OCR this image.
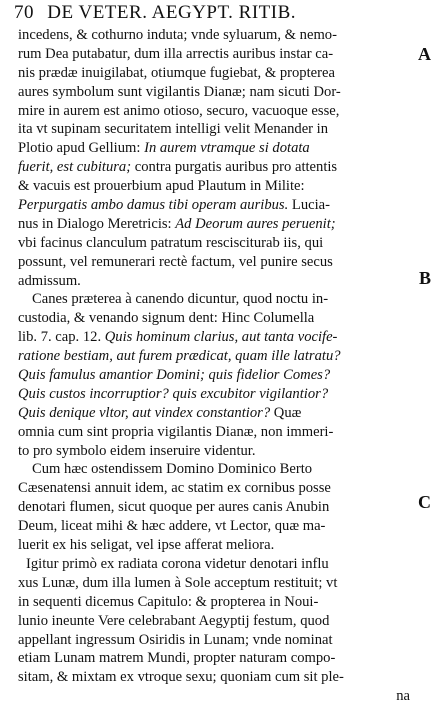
70 DE VETER. AEGYPT. RITIB.
A
B
C
incedens, & cothurno induta; vnde syluarum, & nemo-
rum Dea putabatur, dum illa arrectis auribus instar ca-
nis prædæ inuigilabat, otiumque fugiebat, & propterea
aures symbolum sunt vigilantis Dianæ; nam sicuti Dor-
mire in aurem est animo otioso, securo, vacuoque esse,
ita vt supinam securitatem intelligi velit Menander in
Plotio apud Gellium: In aurem vtramque si dotata
fuerit, est cubitura; contra purgatis auribus pro attentis
& vacuis est prouerbium apud Plautum in Milite:
Perpurgatis ambo damus tibi operam auribus. Lucia-
nus in Dialogo Meretricis: Ad Deorum aures peruenit;
vbi facinus clanculum patratum rescisciturab iis, qui
possunt, vel remunerari rectè factum, vel punire secus
admissum.
Canes præterea à canendo dicuntur, quod noctu in-
custodia, & venando signum dent: Hinc Columella
lib. 7. cap. 12. Quis hominum clarius, aut tanta vocife-
ratione bestiam, aut furem prædicat, quam ille latratu?
Quis famulus amantior Domini; quis fidelior Comes?
Quis custos incorruptior? quis excubitor vigilantior?
Quis denique vltor, aut vindex constantior? Quæ
omnia cum sint propria vigilantis Dianæ, non immeri-
to pro symbolo eidem inseruire videntur.
Cum hæc ostendissem Domino Dominico Berto
Cæsenatensi annuit idem, ac statim ex cornibus posse
denotari flumen, sicut quoque per aures canis Anubin
Deum, liceat mihi & hæc addere, vt Lector, quæ ma-
luerit ex his seligat, vel ipse afferat meliora.
Igitur primò ex radiata corona videtur denotari influ
xus Lunæ, dum illa lumen à Sole acceptum restituit; vt
in sequenti dicemus Capitulo: & propterea in Noui-
lunio ineunte Vere celebrabant Aegyptij festum, quod
appellant ingressum Osiridis in Lunam; vnde nominat
etiam Lunam matrem Mundi, propter naturam compo-
sitam, & mixtam ex vtroque sexu; quoniam cum sit ple-
na
